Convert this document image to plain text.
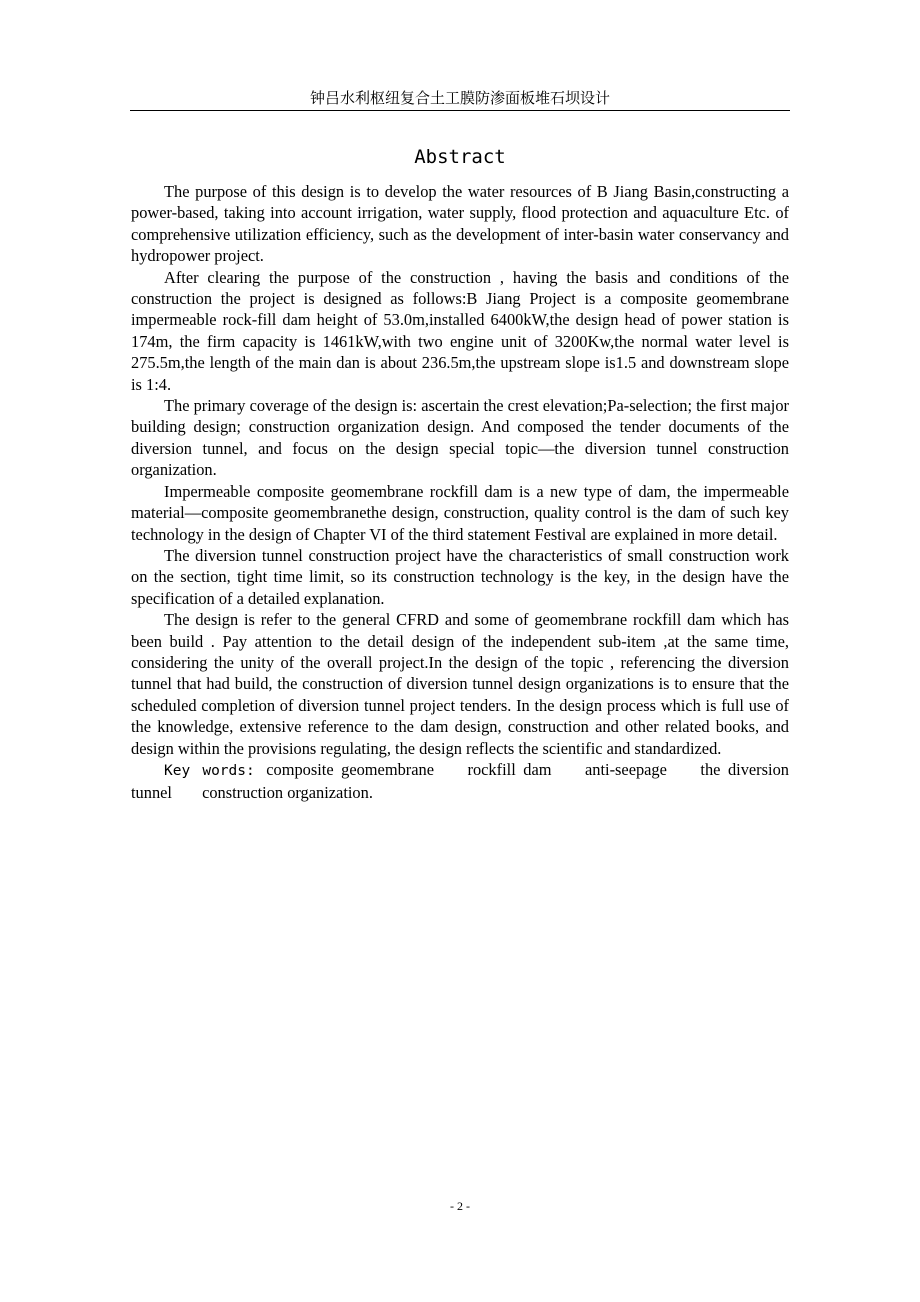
钟吕水利枢纽复合土工膜防渗面板堆石坝设计
Abstract

The purpose of this design is to develop the water resources of B Jiang Basin,constructing a power-based, taking into account irrigation, water supply, flood protection and aquaculture Etc. of comprehensive utilization efficiency, such as the development of inter-basin water conservancy and hydropower project.

After clearing the purpose of the construction , having the basis and conditions of the construction the project is designed as follows:B Jiang Project is a composite geomembrane impermeable rock-fill dam height of 53.0m,installed 6400kW,the design head of power station is 174m, the firm capacity is 1461kW,with two engine unit of 3200Kw,the normal water level is 275.5m,the length of the main dan is about 236.5m,the upstream slope is1.5 and downstream slope is 1:4.

The primary coverage of the design is: ascertain the crest elevation;Pa-selection; the first major building design; construction organization design. And composed the tender documents of the diversion tunnel, and focus on the design special topic—the diversion tunnel construction organization.

Impermeable composite geomembrane rockfill dam is a new type of dam, the impermeable material—composite geomembranethe design, construction, quality control is the dam of such key technology in the design of Chapter VI of the third statement Festival are explained in more detail.

The diversion tunnel construction project have the characteristics of small construction work on the section, tight time limit, so its construction technology is the key, in the design have the specification of a detailed explanation.

The design is refer to the general CFRD and some of geomembrane rockfill dam which has been build . Pay attention to the detail design of the independent sub-item ,at the same time, considering the unity of the overall project.In the design of the topic , referencing the diversion tunnel that had build, the construction of diversion tunnel design organizations is to ensure that the scheduled completion of diversion tunnel project tenders. In the design process which is full use of the knowledge, extensive reference to the dam design, construction and other related books, and design within the provisions regulating, the design reflects the scientific and standardized.

Key words: composite geomembrane rockfill dam anti-seepage the diversion tunnel construction organization.

- 2 -
